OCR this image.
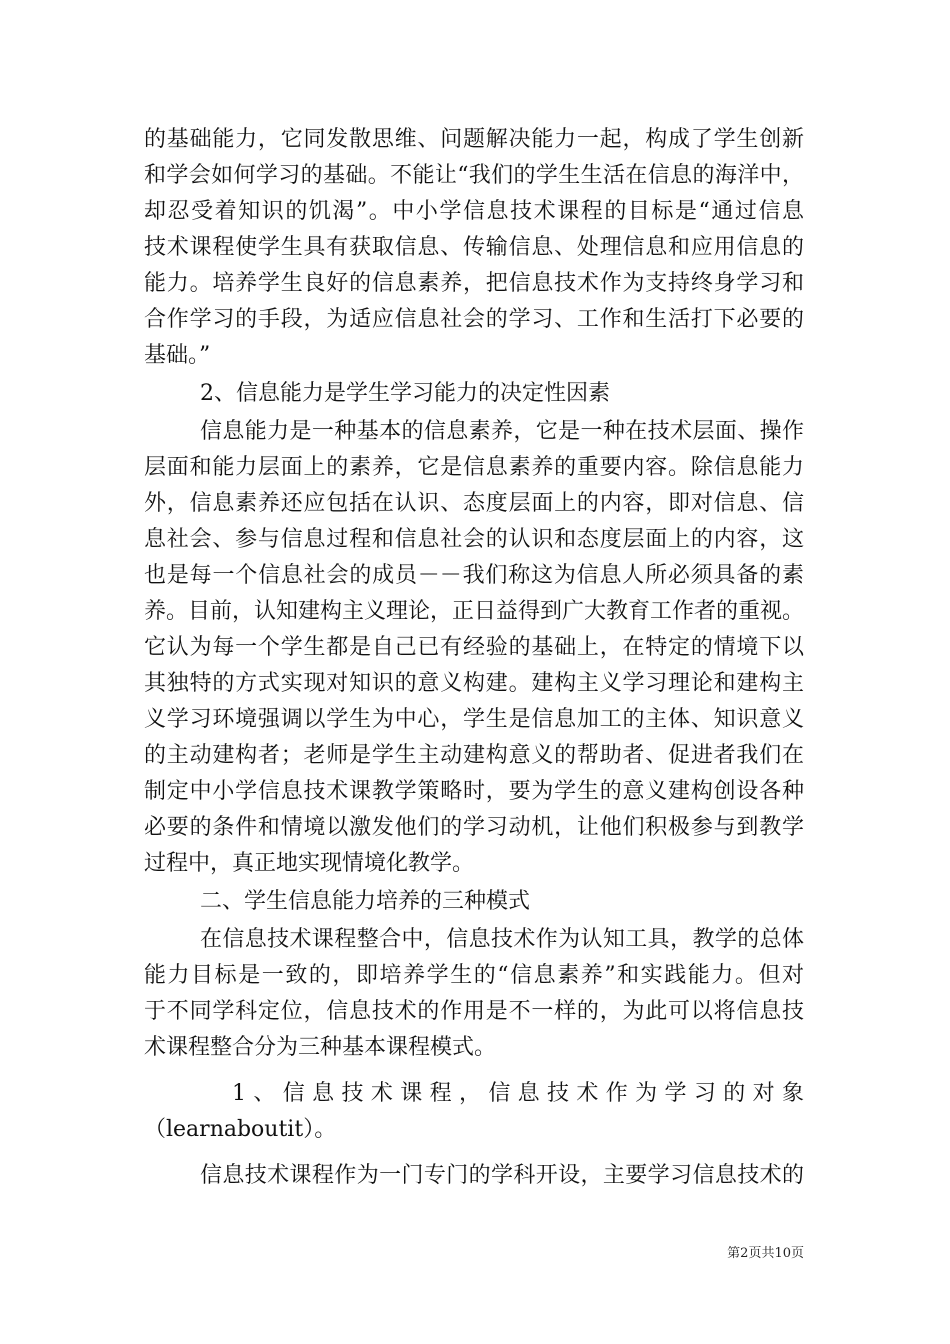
的基础能力，它同发散思维、问题解决能力一起，构成了学生创新
和学会如何学习的基础。不能让“我们的学生生活在信息的海洋中，
却忍受着知识的饥渴”。中小学信息技术课程的目标是“通过信息
技术课程使学生具有获取信息、传输信息、处理信息和应用信息的
能力。培养学生良好的信息素养，把信息技术作为支持终身学习和
合作学习的手段，为适应信息社会的学习、工作和生活打下必要的
基础。”
2、信息能力是学生学习能力的决定性因素
信息能力是一种基本的信息素养，它是一种在技术层面、操作
层面和能力层面上的素养，它是信息素养的重要内容。除信息能力
外，信息素养还应包括在认识、态度层面上的内容，即对信息、信
息社会、参与信息过程和信息社会的认识和态度层面上的内容，这
也是每一个信息社会的成员－－我们称这为信息人所必须具备的素
养。目前，认知建构主义理论，正日益得到广大教育工作者的重视。
它认为每一个学生都是自己已有经验的基础上，在特定的情境下以
其独特的方式实现对知识的意义构建。建构主义学习理论和建构主
义学习环境强调以学生为中心，学生是信息加工的主体、知识意义
的主动建构者；老师是学生主动建构意义的帮助者、促进者我们在
制定中小学信息技术课教学策略时，要为学生的意义建构创设各种
必要的条件和情境以激发他们的学习动机，让他们积极参与到教学
过程中，真正地实现情境化教学。
二、学生信息能力培养的三种模式
在信息技术课程整合中，信息技术作为认知工具，教学的总体
能力目标是一致的，即培养学生的“信息素养”和实践能力。但对
于不同学科定位，信息技术的作用是不一样的，为此可以将信息技
术课程整合分为三种基本课程模式。
1、信息技术课程，信息技术作为学习的对象
（learnaboutit）。
信息技术课程作为一门专门的学科开设，主要学习信息技术的
第2页共10页
